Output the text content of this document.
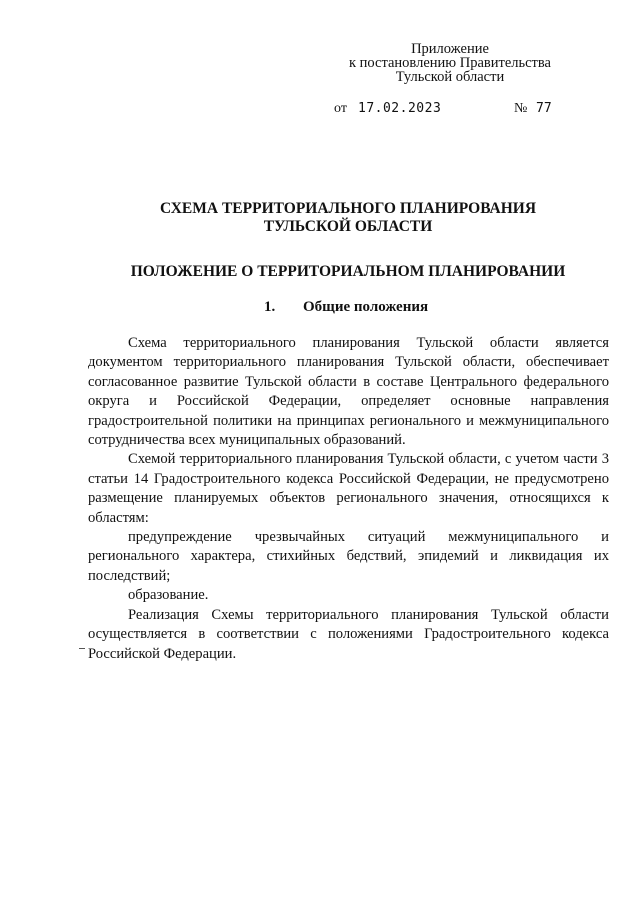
Приложение
к постановлению Правительства
Тульской области
от 17.02.2023	№ 77
СХЕМА ТЕРРИТОРИАЛЬНОГО ПЛАНИРОВАНИЯ
ТУЛЬСКОЙ ОБЛАСТИ
ПОЛОЖЕНИЕ О ТЕРРИТОРИАЛЬНОМ ПЛАНИРОВАНИИ
1. Общие положения

Схема территориального планирования Тульской области является документом территориального планирования Тульской области, обеспечивает согласованное развитие Тульской области в составе Центрального федерального округа и Российской Федерации, определяет основные направления градостроительной политики на принципах регионального и межмуниципального сотрудничества всех муниципальных образований.

Схемой территориального планирования Тульской области, с учетом части 3 статьи 14 Градостроительного кодекса Российской Федерации, не предусмотрено размещение планируемых объектов регионального значения, относящихся к областям:

предупреждение чрезвычайных ситуаций межмуниципального и регионального характера, стихийных бедствий, эпидемий и ликвидация их последствий;

образование.

Реализация Схемы территориального планирования Тульской области осуществляется в соответствии с положениями Градостроительного кодекса Российской Федерации.
